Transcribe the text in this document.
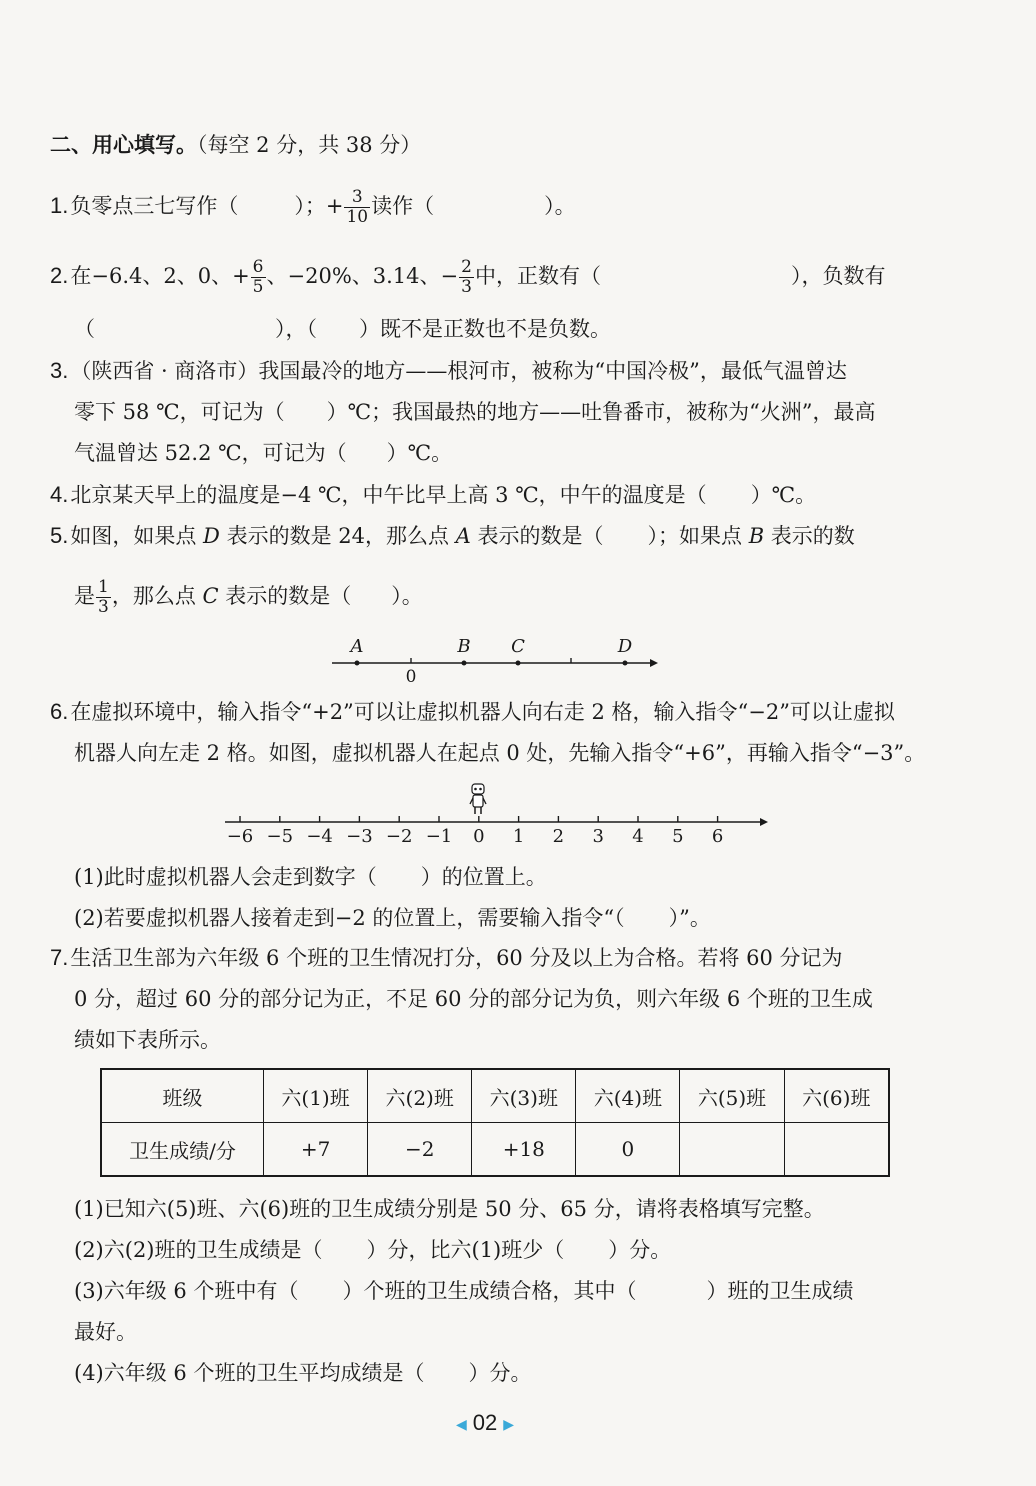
二、用心填写。（每空 2 分，共 38 分）
1.负零点三七写作（	）；+ $\frac{3}{10}$ 读作（	）。
2.在−6.4、2、0、+ $\frac{6}{5}$ 、−20%、3.14、− $\frac{2}{3}$ 中，正数有（	），负数有
（	），（ ）既不是正数也不是负数。
3.（陕西省 · 商洛市）我国最冷的地方——根河市，被称为“中国冷极”，最低气温曾达
零下 58 ℃，可记为（ ）℃；我国最热的地方——吐鲁番市，被称为“火洲”，最高
气温曾达 52.2 ℃，可记为（ ）℃。
4.北京某天早上的温度是−4 ℃，中午比早上高 3 ℃，中午的温度是（ ）℃。
5.如图，如果点 D 表示的数是 24，那么点 A 表示的数是（ ）；如果点 B 表示的数
是 $\frac{1}{3}$ ，那么点 C 表示的数是（ ）。
A	B C	D
0
6.在虚拟环境中，输入指令“+2”可以让虚拟机器人向右走 2 格，输入指令“−2”可以让虚拟
机器人向左走 2 格。如图，虚拟机器人在起点 0 处，先输入指令“+6”，再输入指令“−3”。
−6 −5 −4 −3 −2 −1 0 1 2 3 4 5 6
(1)此时虚拟机器人会走到数字（ ）的位置上。
(2)若要虚拟机器人接着走到−2 的位置上，需要输入指令“（ ）”。
7.生活卫生部为六年级 6 个班的卫生情况打分，60 分及以上为合格。若将 60 分记为
0 分，超过 60 分的部分记为正，不足 60 分的部分记为负，则六年级 6 个班的卫生成
绩如下表所示。
班级	六(1)班	六(2)班	六(3)班	六(4)班	六(5)班	六(6)班
卫生成绩/分	+7	−2	+18	0		
(1)已知六(5)班、六(6)班的卫生成绩分别是 50 分、65 分，请将表格填写完整。
(2)六(2)班的卫生成绩是（ ）分，比六(1)班少（ ）分。
(3)六年级 6 个班中有（ ）个班的卫生成绩合格，其中（	）班的卫生成绩
最好。
(4)六年级 6 个班的卫生平均成绩是（ ）分。
◀ 02 ▶
